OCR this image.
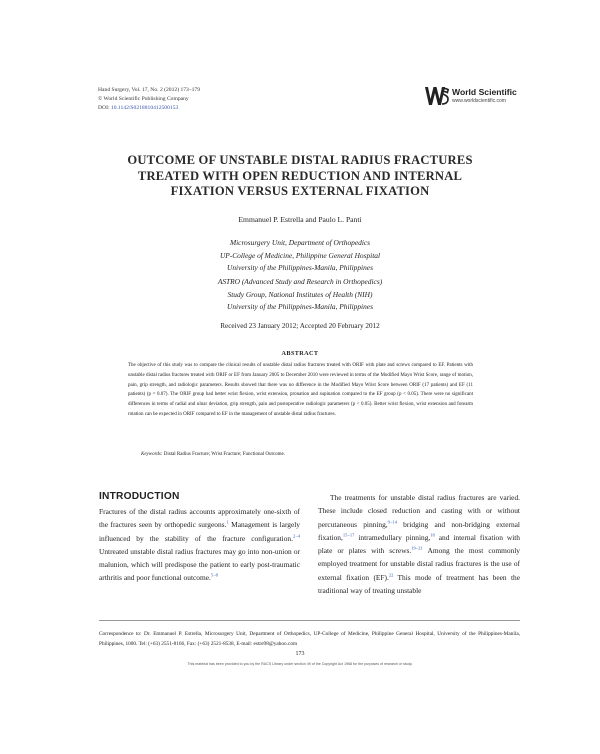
Hand Surgery, Vol. 17, No. 2 (2012) 173–179
© World Scientific Publishing Company
DOI: 10.1142/S0218810412500153
World Scientific
www.worldscientific.com
OUTCOME OF UNSTABLE DISTAL RADIUS FRACTURES
TREATED WITH OPEN REDUCTION AND INTERNAL
FIXATION VERSUS EXTERNAL FIXATION
Emmanuel P. Estrella and Paulo L. Panti
Microsurgery Unit, Department of Orthopedics
UP-College of Medicine, Philippine General Hospital
University of the Philippines-Manila, Philippines
ASTRO (Advanced Study and Research in Orthopedics)
Study Group, National Institutes of Health (NIH)
University of the Philippines-Manila, Philippines
Received 23 January 2012; Accepted 20 February 2012
ABSTRACT
The objective of this study was to compare the clinical results of unstable distal radius fractures treated with ORIF with plate and screws compared to EF. Patients with unstable distal radius fractures treated with ORIF or EF from January 2005 to December 2010 were reviewed in terms of the Modified Mayo Wrist Score, range of motion, pain, grip strength, and radiologic parameters. Results showed that there was no difference in the Modified Mayo Wrist Score between ORIF (17 patients) and EF (11 patients) (p = 0.07). The ORIF group had better wrist flexion, wrist extension, pronation and supination compared to the EF group (p < 0.05). There were no significant differences in terms of radial and ulnar deviation, grip strength, pain and postoperative radiologic parameters (p < 0.05). Better wrist flexion, wrist extension and forearm rotation can be expected in ORIF compared to EF in the management of unstable distal radius fractures.
Keywords: Distal Radius Fracture; Wrist Fracture; Functional Outcome.
INTRODUCTION
Fractures of the distal radius accounts approximately one-sixth of the fractures seen by orthopedic surgeons.$^1$ Management is largely influenced by the stability of the fracture configuration.$^{2-4}$ Untreated unstable distal radius fractures may go into non-union or malunion, which will predispose the patient to early post-traumatic arthritis and poor functional outcome.$^{5-8}$
The treatments for unstable distal radius fractures are varied. These include closed reduction and casting with or without percutaneous pinning,$^{9-14}$ bridging and non-bridging external fixation,$^{15-17}$ intramedullary pinning,$^{18}$ and internal fixation with plate or plates with screws.$^{19-21}$ Among the most commonly employed treatment for unstable distal radius fractures is the use of external fixation (EF).$^{22}$ This mode of treatment has been the traditional way of treating unstable
Correspondence to: Dr. Emmanuel P. Estrella, Microsurgery Unit, Department of Orthopedics, UP-College of Medicine, Philippine General Hospital, University of the Philippines-Manila, Philippines, 1000. Tel: (+63) 2551-8166, Fax: (+63) 2521-8538, E-mail: estre98@yahoo.com
173
This material has been provided to you by the RACS Library under section 49 of the Copyright Act 1968 for the purposes of research or study.
